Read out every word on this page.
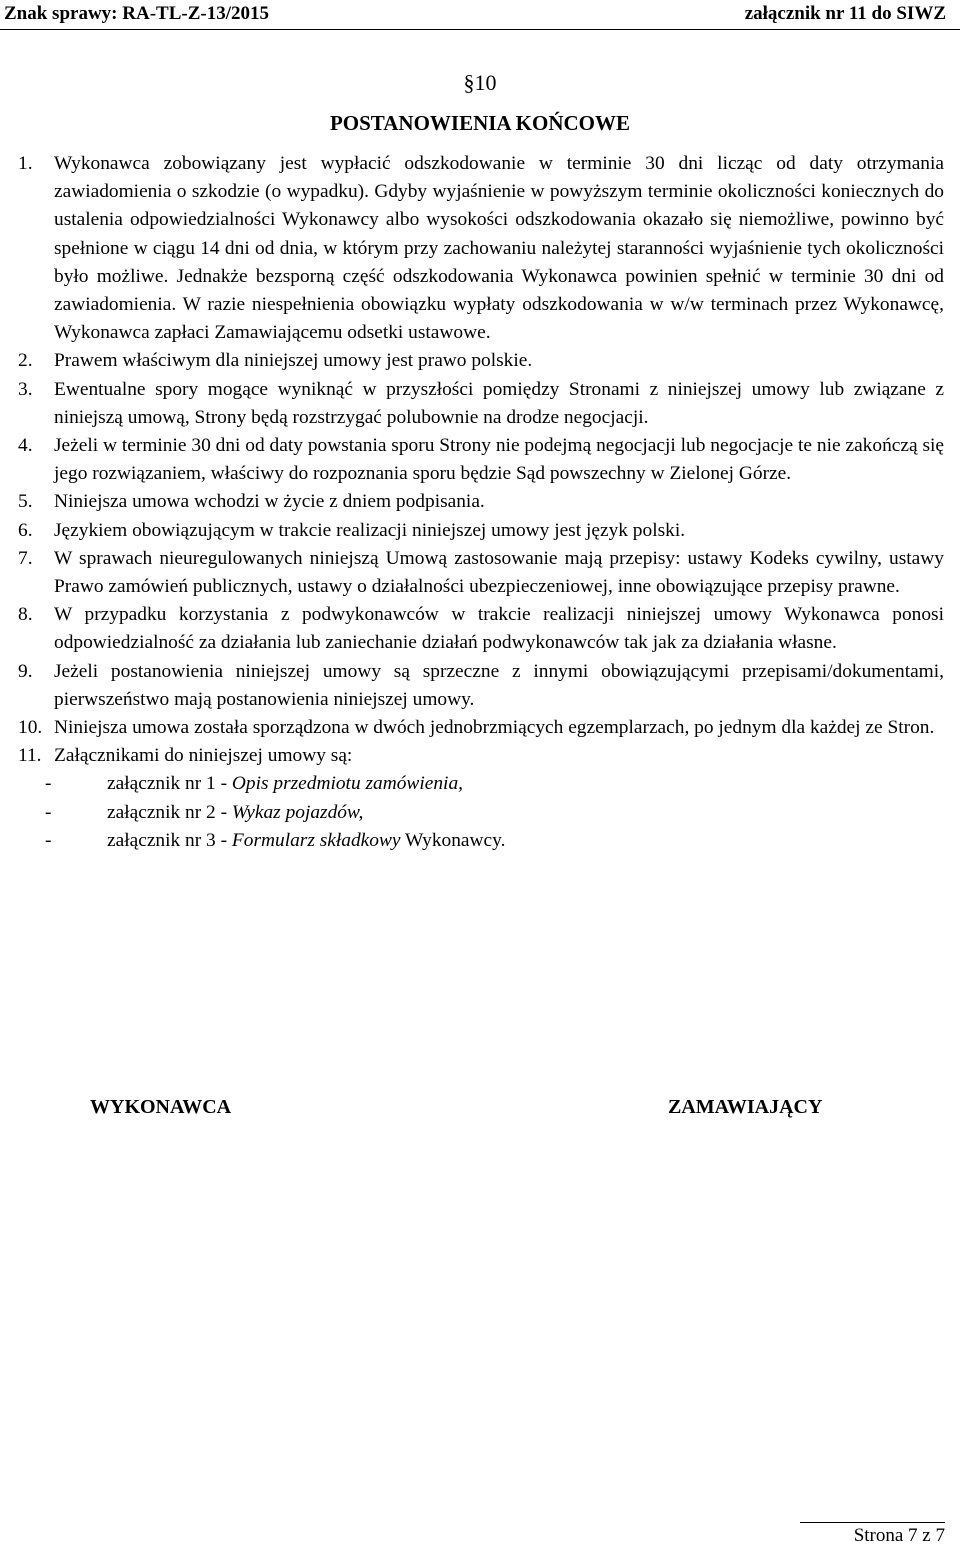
Znak sprawy: RA-TL-Z-13/2015	załącznik nr 11 do SIWZ
§10
POSTANOWIENIA KOŃCOWE
1.	Wykonawca zobowiązany jest wypłacić odszkodowanie w terminie 30 dni licząc od daty otrzymania zawiadomienia o szkodzie (o wypadku). Gdyby wyjaśnienie w powyższym terminie okoliczności koniecznych do ustalenia odpowiedzialności Wykonawcy albo wysokości odszkodowania okazało się niemożliwe, powinno być spełnione w ciągu 14 dni od dnia, w którym przy zachowaniu należytej staranności wyjaśnienie tych okoliczności było możliwe. Jednakże bezsporną część odszkodowania Wykonawca powinien spełnić w terminie 30 dni od zawiadomienia. W razie niespełnienia obowiązku wypłaty odszkodowania w w/w terminach przez Wykonawcę, Wykonawca zapłaci Zamawiającemu odsetki ustawowe.
2.	Prawem właściwym dla niniejszej umowy jest prawo polskie.
3.	Ewentualne spory mogące wyniknąć w przyszłości pomiędzy Stronami z niniejszej umowy lub związane z niniejszą umową, Strony będą rozstrzygać polubownie na drodze negocjacji.
4.	Jeżeli w terminie 30 dni od daty powstania sporu Strony nie podejmą negocjacji lub negocjacje te nie zakończą się jego rozwiązaniem, właściwy do rozpoznania sporu będzie Sąd powszechny w Zielonej Górze.
5.	Niniejsza umowa wchodzi w życie z dniem podpisania.
6.	Językiem obowiązującym w trakcie realizacji niniejszej umowy jest język polski.
7.	W sprawach nieuregulowanych niniejszą Umową zastosowanie mają przepisy: ustawy Kodeks cywilny, ustawy Prawo zamówień publicznych, ustawy o działalności ubezpieczeniowej, inne obowiązujące przepisy prawne.
8.	W przypadku korzystania z podwykonawców w trakcie realizacji niniejszej umowy Wykonawca ponosi odpowiedzialność za działania lub zaniechanie działań podwykonawców tak jak za działania własne.
9.	Jeżeli postanowienia niniejszej umowy są sprzeczne z innymi obowiązującymi przepisami/dokumentami, pierwszeństwo mają postanowienia niniejszej umowy.
10. Niniejsza umowa została sporządzona w dwóch jednobrzmiących egzemplarzach, po jednym dla każdej ze Stron.
11. Załącznikami do niniejszej umowy są:
-	załącznik nr 1 - Opis przedmiotu zamówienia,
-	załącznik nr 2 - Wykaz pojazdów,
-	załącznik nr 3 - Formularz składkowy Wykonawcy.
WYKONAWCA	ZAMAWIAJĄCY
Strona 7 z 7
